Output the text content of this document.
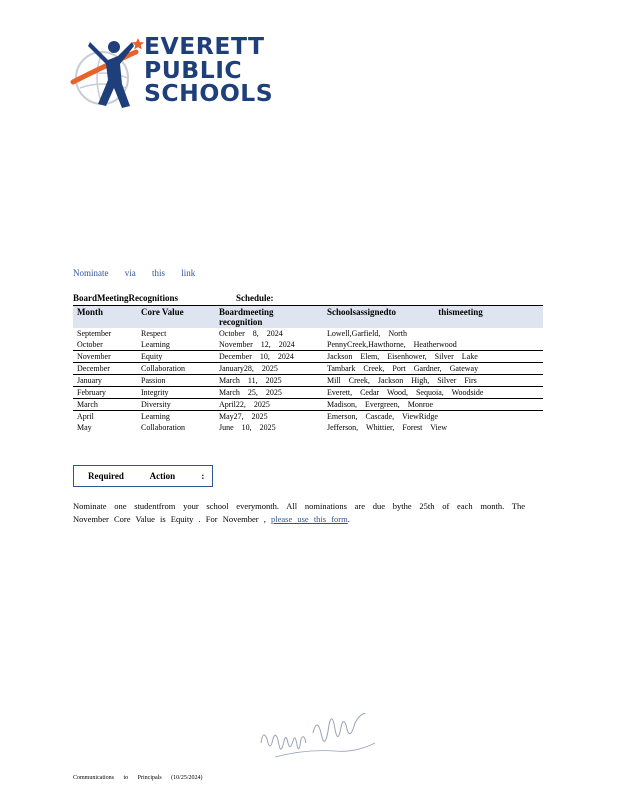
EVERETT
PUBLIC
SCHOOLS
Nominate via this link
BoardMeetingRecognitions	Schedule:
Month	Core Value	Boardmeeting recognition	Schoolsassignedto thismeeting
September	Respect	October 8, 2024	Lowell,Garfield, North
October	Learning	November 12, 2024	PennyCreek,Hawthorne, Heatherwood
November	Equity	December 10, 2024	Jackson Elem, Eisenhower, Silver Lake
December	Collaboration	January28, 2025	Tambark Creek, Port Gardner, Gateway
January	Passion	March 11, 2025	Mill Creek, Jackson High, Silver Firs
February	Integrity	March 25, 2025	Everett, Cedar Wood, Sequoia, Woodside
March	Diversity	April22, 2025	Madison, Evergreen, Monroe
April	Learning	May27, 2025	Emerson, Cascade, ViewRidge
May	Collaboration	June 10, 2025	Jefferson, Whittier, Forest View
Required Action :
Nominate one studentfrom your school everymonth. All nominations are due bythe 25th of each month. The November Core Value is Equity . For November , please use this form.
Communications to Principals (10/25/2024)
